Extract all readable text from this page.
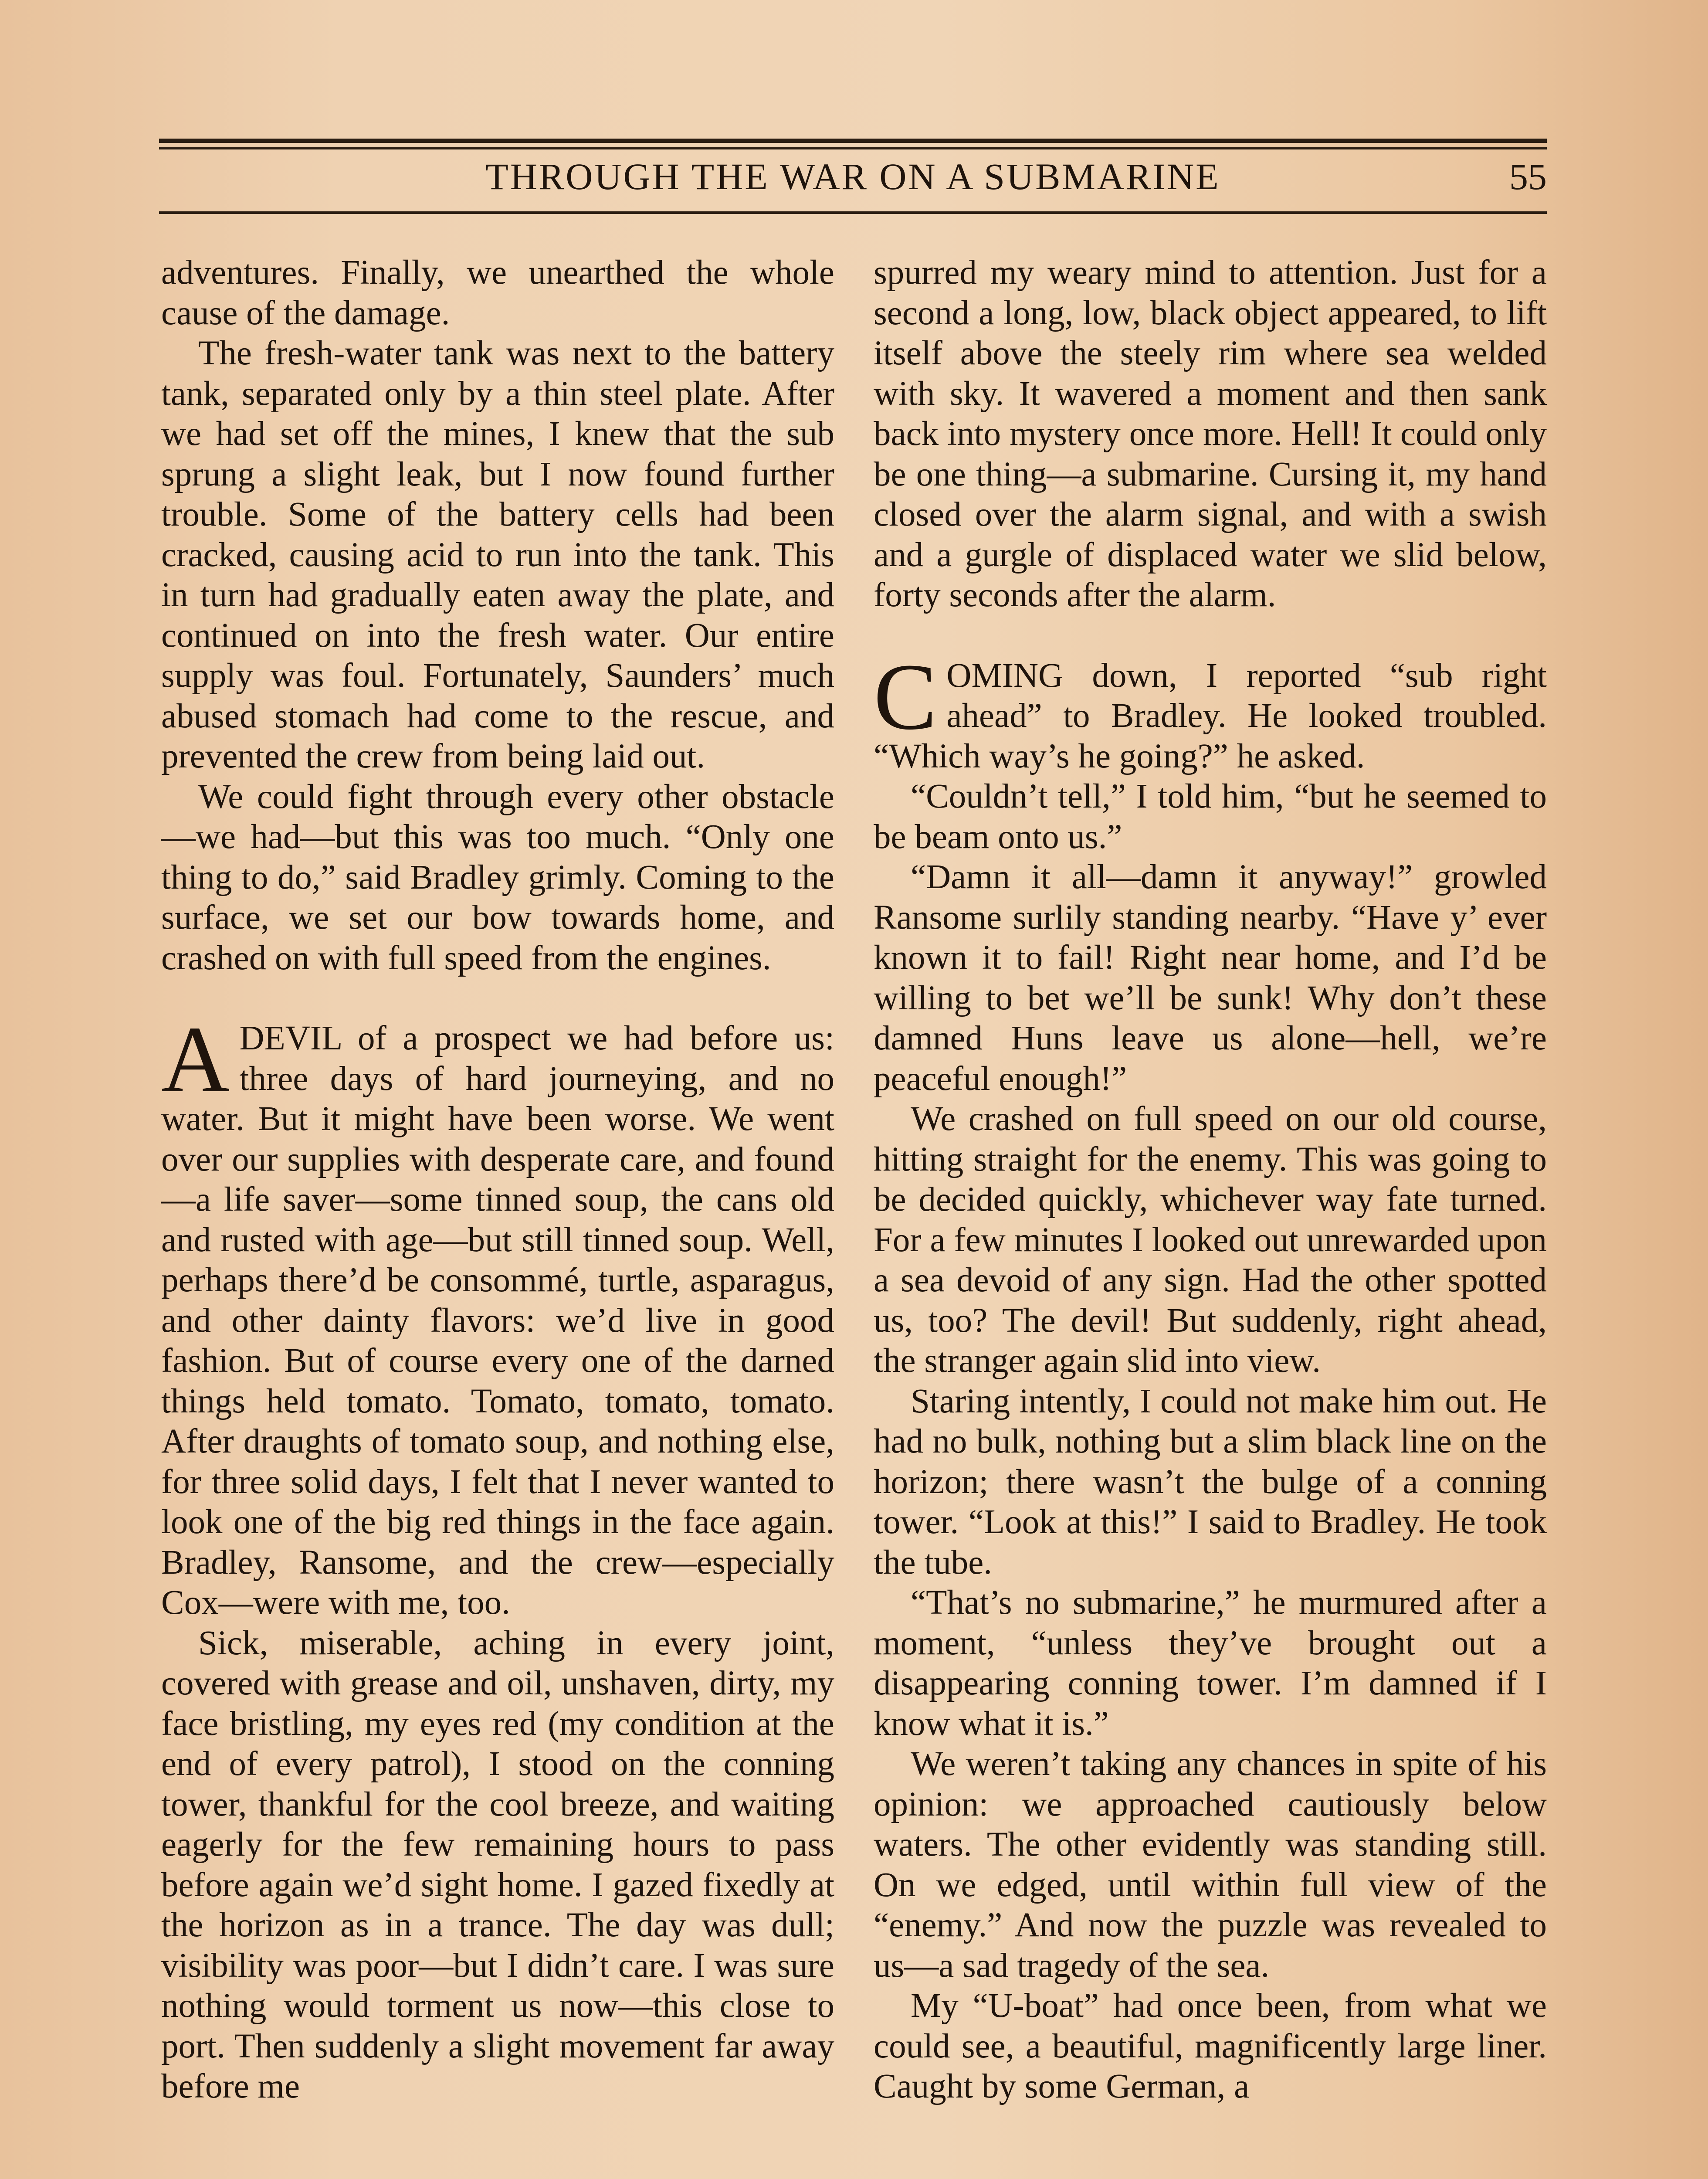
THROUGH THE WAR ON A SUBMARINE	55

adventures. Finally, we unearthed the whole cause of the damage.

The fresh-water tank was next to the battery tank, separated only by a thin steel plate. After we had set off the mines, I knew that the sub sprung a slight leak, but I now found further trouble. Some of the battery cells had been cracked, causing acid to run into the tank. This in turn had gradually eaten away the plate, and continued on into the fresh water. Our entire supply was foul. Fortunately, Saunders’ much abused stomach had come to the rescue, and prevented the crew from being laid out.

We could fight through every other obstacle—we had—but this was too much. “Only one thing to do,” said Bradley grimly. Coming to the surface, we set our bow towards home, and crashed on with full speed from the engines.

ADEVIL of a prospect we had before us: three days of hard journeying, and no water. But it might have been worse. We went over our supplies with desperate care, and found—a life saver—some tinned soup, the cans old and rusted with age—but still tinned soup. Well, perhaps there’d be consommé, turtle, asparagus, and other dainty flavors: we’d live in good fashion. But of course every one of the darned things held tomato. Tomato, tomato, tomato. After draughts of tomato soup, and nothing else, for three solid days, I felt that I never wanted to look one of the big red things in the face again. Bradley, Ransome, and the crew—especially Cox—were with me, too.

Sick, miserable, aching in every joint, covered with grease and oil, unshaven, dirty, my face bristling, my eyes red (my condition at the end of every patrol), I stood on the conning tower, thankful for the cool breeze, and waiting eagerly for the few remaining hours to pass before again we’d sight home. I gazed fixedly at the horizon as in a trance. The day was dull; visibility was poor—but I didn’t care. I was sure nothing would torment us now—this close to port. Then suddenly a slight movement far away before me

spurred my weary mind to attention. Just for a second a long, low, black object appeared, to lift itself above the steely rim where sea welded with sky. It wavered a moment and then sank back into mystery once more. Hell! It could only be one thing—a submarine. Cursing it, my hand closed over the alarm signal, and with a swish and a gurgle of displaced water we slid below, forty seconds after the alarm.

COMING down, I reported “sub right ahead” to Bradley. He looked troubled. “Which way’s he going?” he asked.

“Couldn’t tell,” I told him, “but he seemed to be beam onto us.”

“Damn it all—damn it anyway!” growled Ransome surlily standing nearby. “Have y’ ever known it to fail! Right near home, and I’d be willing to bet we’ll be sunk! Why don’t these damned Huns leave us alone—hell, we’re peaceful enough!”

We crashed on full speed on our old course, hitting straight for the enemy. This was going to be decided quickly, whichever way fate turned. For a few minutes I looked out unrewarded upon a sea devoid of any sign. Had the other spotted us, too? The devil! But suddenly, right ahead, the stranger again slid into view.

Staring intently, I could not make him out. He had no bulk, nothing but a slim black line on the horizon; there wasn’t the bulge of a conning tower. “Look at this!” I said to Bradley. He took the tube.

“That’s no submarine,” he murmured after a moment, “unless they’ve brought out a disappearing conning tower. I’m damned if I know what it is.”

We weren’t taking any chances in spite of his opinion: we approached cautiously below waters. The other evidently was standing still. On we edged, until within full view of the “enemy.” And now the puzzle was revealed to us—a sad tragedy of the sea.

My “U-boat” had once been, from what we could see, a beautiful, magnificently large liner. Caught by some German, a
